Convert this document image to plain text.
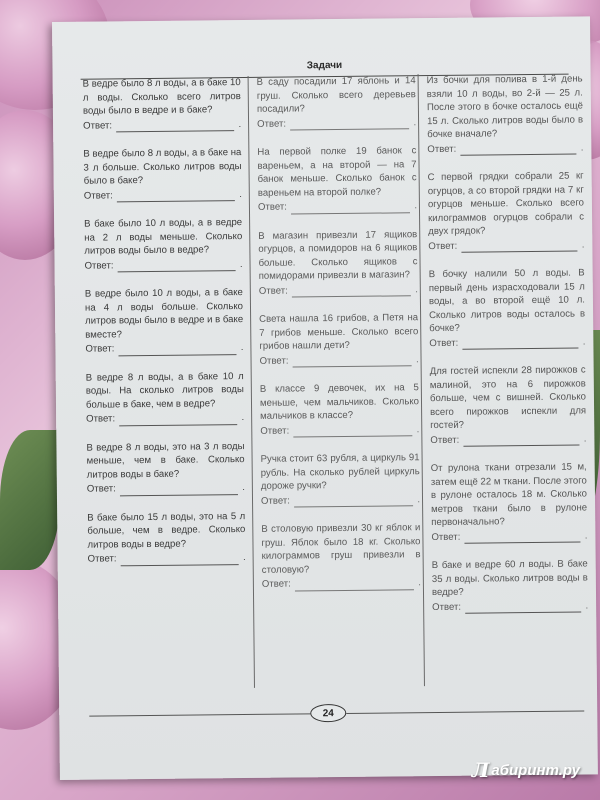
Задачи
В ведре было 8 л воды, а в баке 10 л воды. Сколько всего литров воды было в ведре и в баке?
Ответ:	.
В ведре было 8 л воды, а в баке на 3 л больше. Сколько литров воды было в баке?
Ответ:	.
В баке было 10 л воды, а в ведре на 2 л воды меньше. Сколько литров воды было в ведре?
Ответ:	.
В ведре было 10 л воды, а в баке на 4 л воды больше. Сколько литров воды было в ведре и в баке вместе?
Ответ:	.
В ведре 8 л воды, а в баке 10 л воды. На сколько литров воды больше в баке, чем в ведре?
Ответ:	.
В ведре 8 л воды, это на 3 л воды меньше, чем в баке. Сколько литров воды в баке?
Ответ:	.
В баке было 15 л воды, это на 5 л больше, чем в ведре. Сколько литров воды в ведре?
Ответ:	.
В саду посадили 17 яблонь и 14 груш. Сколько всего деревьев посадили?
Ответ:	.
На первой полке 19 банок с вареньем, а на второй — на 7 банок меньше. Сколько банок с вареньем на второй полке?
Ответ:	.
В магазин привезли 17 ящиков огурцов, а помидоров на 6 ящиков больше. Сколько ящиков с помидорами привезли в магазин?
Ответ:	.
Света нашла 16 грибов, а Петя на 7 грибов меньше. Сколько всего грибов нашли дети?
Ответ:	.
В классе 9 девочек, их на 5 меньше, чем мальчиков. Сколько мальчиков в классе?
Ответ:	.
Ручка стоит 63 рубля, а циркуль 91 рубль. На сколько рублей циркуль дороже ручки?
Ответ:	.
В столовую привезли 30 кг яблок и груш. Яблок было 18 кг. Сколько килограммов груш привезли в столовую?
Ответ:	.
Из бочки для полива в 1-й день взяли 10 л воды, во 2-й — 25 л. После этого в бочке осталось ещё 15 л. Сколько литров воды было в бочке вначале?
Ответ:	.
С первой грядки собрали 25 кг огурцов, а со второй грядки на 7 кг огурцов меньше. Сколько всего килограммов огурцов собрали с двух грядок?
Ответ:	.
В бочку налили 50 л воды. В первый день израсходовали 15 л воды, а во второй ещё 10 л. Сколько литров воды осталось в бочке?
Ответ:	.
Для гостей испекли 28 пирожков с малиной, это на 6 пирожков больше, чем с вишней. Сколько всего пирожков испекли для гостей?
Ответ:	.
От рулона ткани отрезали 15 м, затем ещё 22 м ткани. После этого в рулоне осталось 18 м. Сколько метров ткани было в рулоне первоначально?
Ответ:	.
В баке и ведре 60 л воды. В баке 35 л воды. Сколько литров воды в ведре?
Ответ:	.
24
Л абиринт.ру
